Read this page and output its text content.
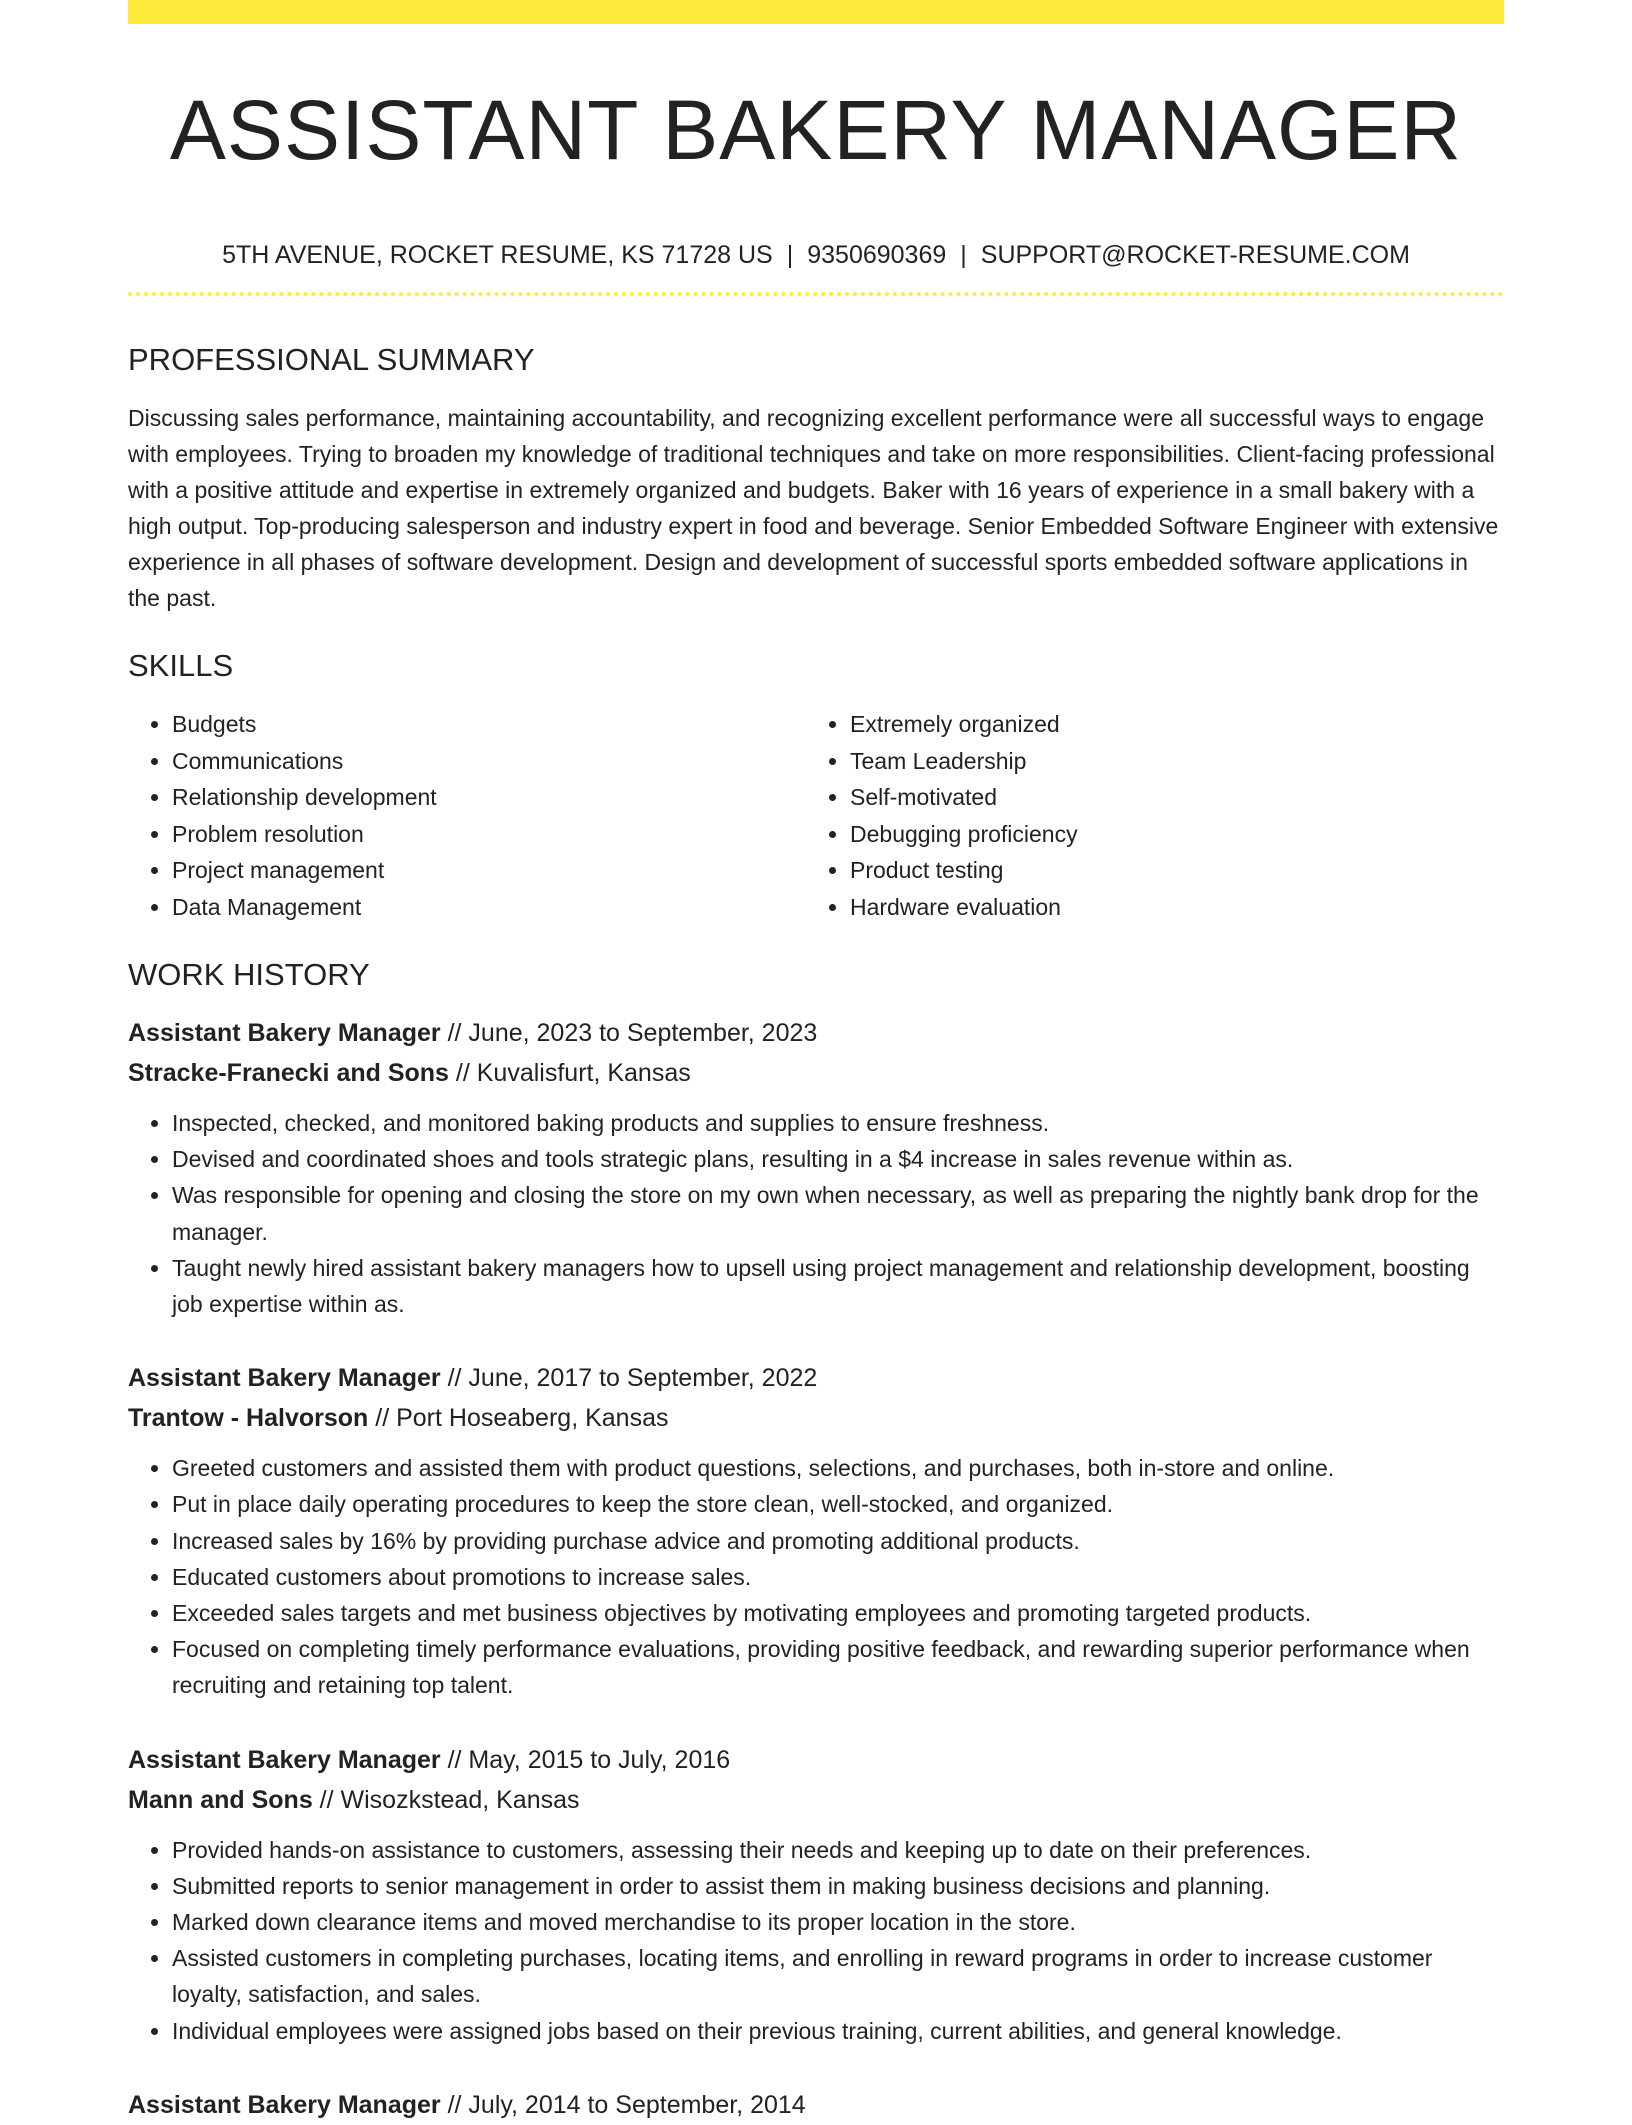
ASSISTANT BAKERY MANAGER
5TH AVENUE, ROCKET RESUME, KS 71728 US | 9350690369 | SUPPORT@ROCKET-RESUME.COM
PROFESSIONAL SUMMARY

Discussing sales performance, maintaining accountability, and recognizing excellent performance were all successful ways to engage with employees. Trying to broaden my knowledge of traditional techniques and take on more responsibilities. Client-facing professional with a positive attitude and expertise in extremely organized and budgets. Baker with 16 years of experience in a small bakery with a high output. Top-producing salesperson and industry expert in food and beverage. Senior Embedded Software Engineer with extensive experience in all phases of software development. Design and development of successful sports embedded software applications in the past.

SKILLS
• Budgets
• Communications
• Relationship development
• Problem resolution
• Project management
• Data Management
• Extremely organized
• Team Leadership
• Self-motivated
• Debugging proficiency
• Product testing
• Hardware evaluation
WORK HISTORY
Assistant Bakery Manager // June, 2023 to September, 2023
Stracke-Franecki and Sons // Kuvalisfurt, Kansas
• Inspected, checked, and monitored baking products and supplies to ensure freshness.
• Devised and coordinated shoes and tools strategic plans, resulting in a $4 increase in sales revenue within as.
• Was responsible for opening and closing the store on my own when necessary, as well as preparing the nightly bank drop for the manager.
• Taught newly hired assistant bakery managers how to upsell using project management and relationship development, boosting job expertise within as.
Assistant Bakery Manager // June, 2017 to September, 2022
Trantow - Halvorson // Port Hoseaberg, Kansas
• Greeted customers and assisted them with product questions, selections, and purchases, both in-store and online.
• Put in place daily operating procedures to keep the store clean, well-stocked, and organized.
• Increased sales by 16% by providing purchase advice and promoting additional products.
• Educated customers about promotions to increase sales.
• Exceeded sales targets and met business objectives by motivating employees and promoting targeted products.
• Focused on completing timely performance evaluations, providing positive feedback, and rewarding superior performance when recruiting and retaining top talent.
Assistant Bakery Manager // May, 2015 to July, 2016
Mann and Sons // Wisozkstead, Kansas
• Provided hands-on assistance to customers, assessing their needs and keeping up to date on their preferences.
• Submitted reports to senior management in order to assist them in making business decisions and planning.
• Marked down clearance items and moved merchandise to its proper location in the store.
• Assisted customers in completing purchases, locating items, and enrolling in reward programs in order to increase customer loyalty, satisfaction, and sales.
• Individual employees were assigned jobs based on their previous training, current abilities, and general knowledge.
Assistant Bakery Manager // July, 2014 to September, 2014
